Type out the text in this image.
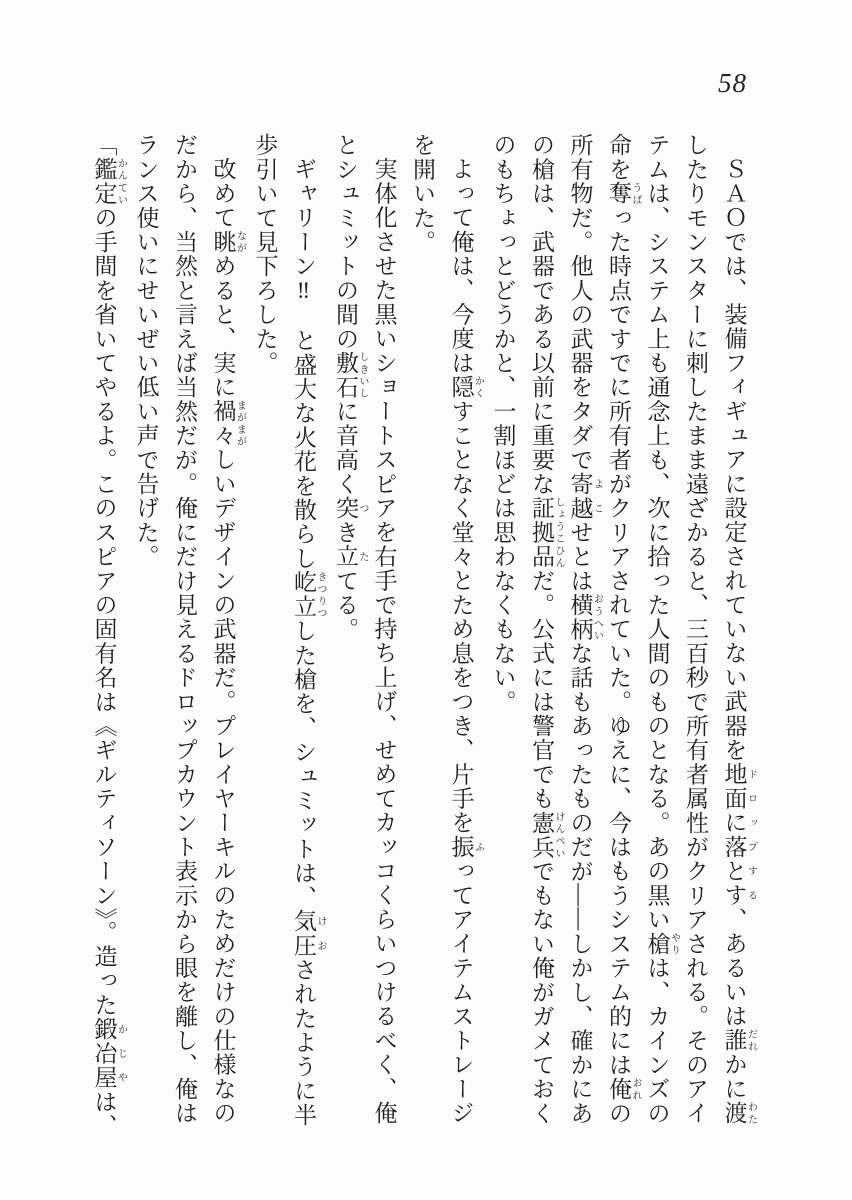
58

ＳＡＯでは、装備フィギュアに設定されていない武器を地面に落とす ドロップする、あるいは誰 だれかに渡 わたしたりモンスターに刺したまま遠ざかると、三百秒で所有者属性がクリアされる。そのアイテムは、システム上も通念上も、次に拾った人間のものとなる。あの黒い槍 やりは、カインズの命を奪 うばった時点ですでに所有者がクリアされていた。ゆえに、今はもうシステム的には俺 おれの所有物だ。他人の武器をタダで寄越 よこせとは横柄 おうへいな話もあったものだが――しかし、確かにあの槍は、武器である以前に重要な証拠品 しょうこひんだ。公式には警官でも憲兵 けんぺいでもない俺がガメておくのもちょっとどうかと、一割ほどは思わなくもない。

よって俺は、今度は隠 かくすことなく堂々とため息をつき、片手を振 ふってアイテムストレージを開いた。

実体化させた黒いショートスピアを右手で持ち上げ、せめてカッコくらいつけるべく、俺とシュミットの間の敷石 しきいしに音高く突 つき立 たてる。

ギャリーン‼　と盛大な火花を散らし屹立 きつりつした槍を、シュミットは、気圧 けおされたように半歩引いて見下ろした。

改めて眺 ながめると、実に禍々 まがまがしいデザインの武器だ。プレイヤーキルのためだけの仕様なのだから、当然と言えば当然だが。俺にだけ見えるドロップカウント表示から眼を離し、俺はランス使いにせいぜい低い声で告げた。

「鑑定 かんていの手間を省いてやるよ。このスピアの固有名は《ギルティソーン》。造った鍛冶屋 かじやは、
